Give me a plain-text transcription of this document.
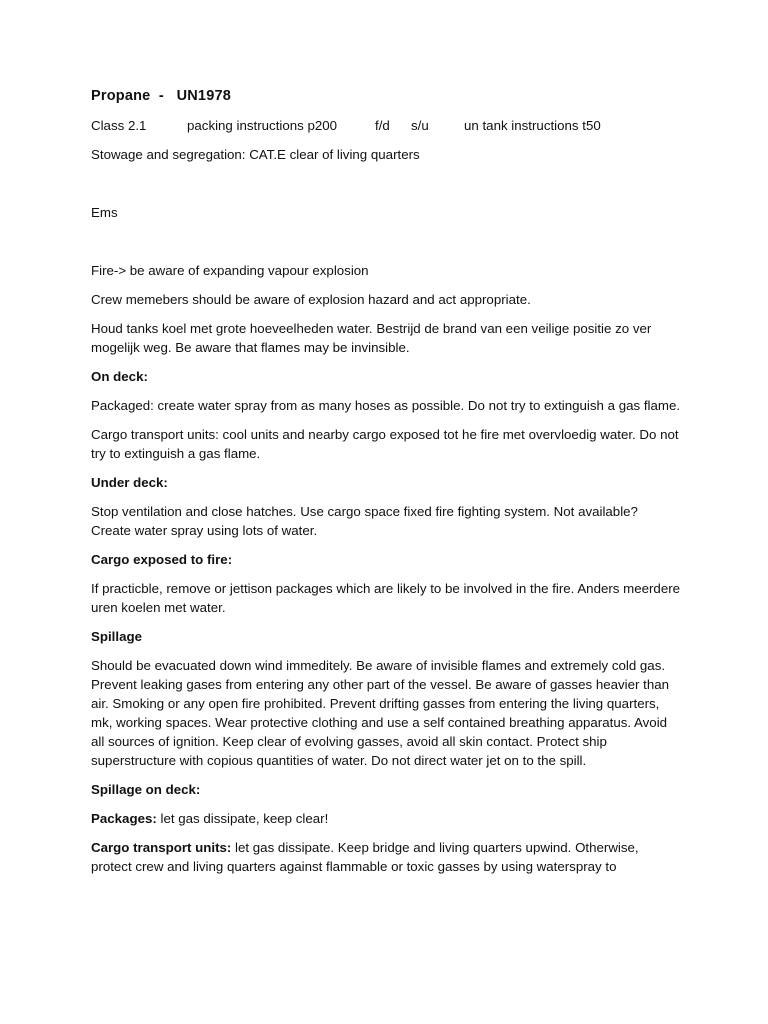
Propane  -   UN1978
Class 2.1	packing instructions p200	f/d	s/u	un tank instructions t50

Stowage and segregation: CAT.E clear of living quarters

Ems

Fire-> be aware of expanding vapour explosion

Crew memebers should be aware of explosion hazard and act appropriate.

Houd tanks koel met grote hoeveelheden water. Bestrijd de brand van een veilige positie zo ver mogelijk weg. Be aware that flames may be invinsible.

On deck:

Packaged: create water spray from as many hoses as possible. Do not try to extinguish a gas flame.

Cargo transport units: cool units and nearby cargo exposed tot he fire met overvloedig water. Do not try to extinguish a gas flame.

Under deck:

Stop ventilation and close hatches. Use cargo space fixed fire fighting system. Not available? Create water spray using lots of water.

Cargo exposed to fire:

If practicble, remove or jettison packages which are likely to be involved in the fire. Anders meerdere uren koelen met water.

Spillage

Should be evacuated down wind immeditely. Be aware of invisible flames and extremely cold gas. Prevent leaking gases from entering any other part of the vessel. Be aware of gasses heavier than air. Smoking or any open fire prohibited. Prevent drifting gasses from entering the living quarters, mk, working spaces. Wear protective clothing and use a self contained breathing apparatus. Avoid all sources of ignition. Keep clear of evolving gasses, avoid all skin contact. Protect ship superstructure with copious quantities of water. Do not direct water jet on to the spill.

Spillage on deck:

Packages: let gas dissipate, keep clear!

Cargo transport units: let gas dissipate. Keep bridge and living quarters upwind. Otherwise, protect crew and living quarters against flammable or toxic gasses by using waterspray to
